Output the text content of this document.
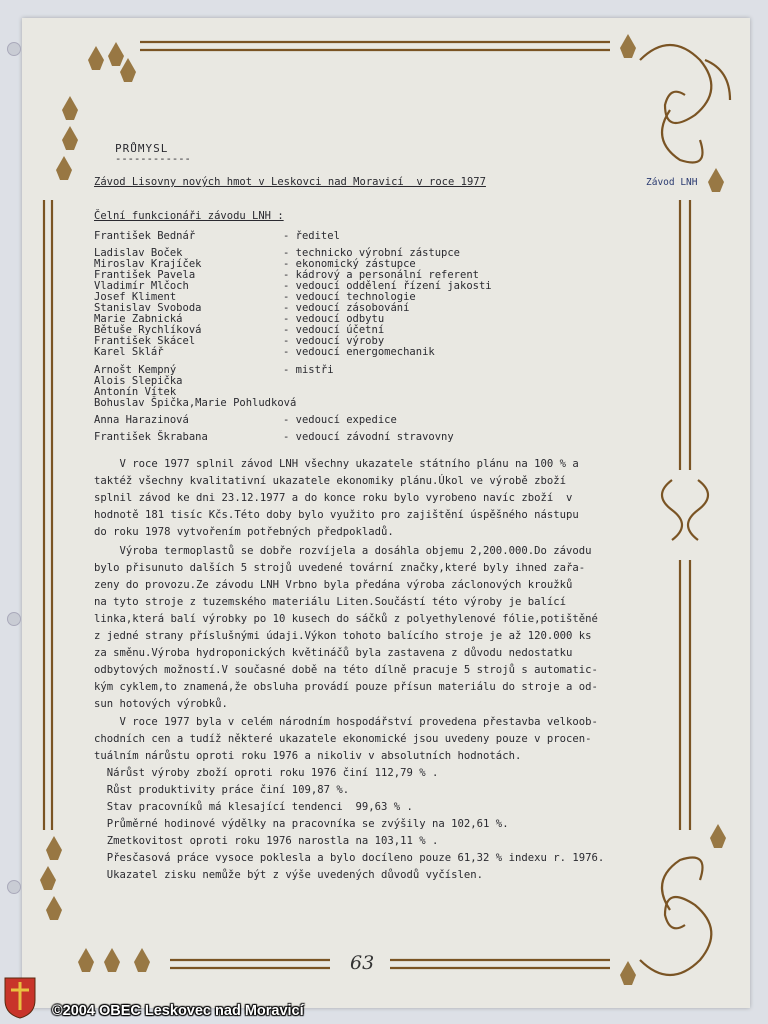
PRŮMYSL
------------
Závod Lisovny nových hmot v Leskovci nad Moravicí  v roce 1977	Závod LNH
Čelní funkcionáři závodu LNH :
František Bednář	- ředitel
Ladislav Boček	- technicko výrobní zástupce
Miroslav Krajíček	- ekonomický zástupce
František Pavela	- kádrový a personální referent
Vladimír Mlčoch	- vedoucí oddělení řízení jakosti
Josef Kliment	- vedoucí technologie
Stanislav Svoboda	- vedoucí zásobování
Marie Zabnická	- vedoucí odbytu
Bětuše Rychlíková	- vedoucí účetní
František Skácel	- vedoucí výroby
Karel Sklář	- vedoucí energomechanik
Arnošt Kempný	- mistři
Alois Slepička
Antonín Vítek
Bohuslav Špička,Marie Pohludková
Anna Harazinová	- vedoucí expedice
František Škrabana	- vedoucí závodní stravovny
V roce 1977 splnil závod LNH všechny ukazatele státního plánu na 100 % a
taktéž všechny kvalitativní ukazatele ekonomiky plánu.Úkol ve výrobě zboží
splnil závod ke dni 23.12.1977 a do konce roku bylo vyrobeno navíc zboží  v
hodnotě 181 tisíc Kčs.Této doby bylo využito pro zajištění úspěšného nástupu
do roku 1978 vytvořením potřebných předpokladů.
Výroba termoplastů se dobře rozvíjela a dosáhla objemu 2,200.000.Do závodu
bylo přisunuto dalších 5 strojů uvedené tovární značky,které byly ihned zařa-
zeny do provozu.Ze závodu LNH Vrbno byla předána výroba záclonových kroužků
na tyto stroje z tuzemského materiálu Liten.Součástí této výroby je balící
linka,která balí výrobky po 10 kusech do sáčků z polyethylenové fólie,potištěné
z jedné strany příslušnými údaji.Výkon tohoto balícího stroje je až 120.000 ks
za směnu.Výroba hydroponických květináčů byla zastavena z důvodu nedostatku
odbytových možností.V současné době na této dílně pracuje 5 strojů s automatic-
kým cyklem,to znamená,že obsluha provádí pouze přísun materiálu do stroje a od-
sun hotových výrobků.
V roce 1977 byla v celém národním hospodářství provedena přestavba velkoob-
chodních cen a tudíž některé ukazatele ekonomické jsou uvedeny pouze v procen-
tuálním nárůstu oproti roku 1976 a nikoliv v absolutních hodnotách.
Nárůst výroby zboží oproti roku 1976 činí 112,79 % .
Růst produktivity práce činí 109,87 %.
Stav pracovníků má klesající tendenci  99,63 % .
Průměrné hodinové výdělky na pracovníka se zvýšily na 102,61 %.
Zmetkovitost oproti roku 1976 narostla na 103,11 % .
Přesčasová práce vysoce poklesla a bylo docíleno pouze 61,32 % indexu r. 1976.
Ukazatel zisku nemůže být z výše uvedených důvodů vyčíslen.
63
©2004 OBEC Leskovec nad Moravicí
